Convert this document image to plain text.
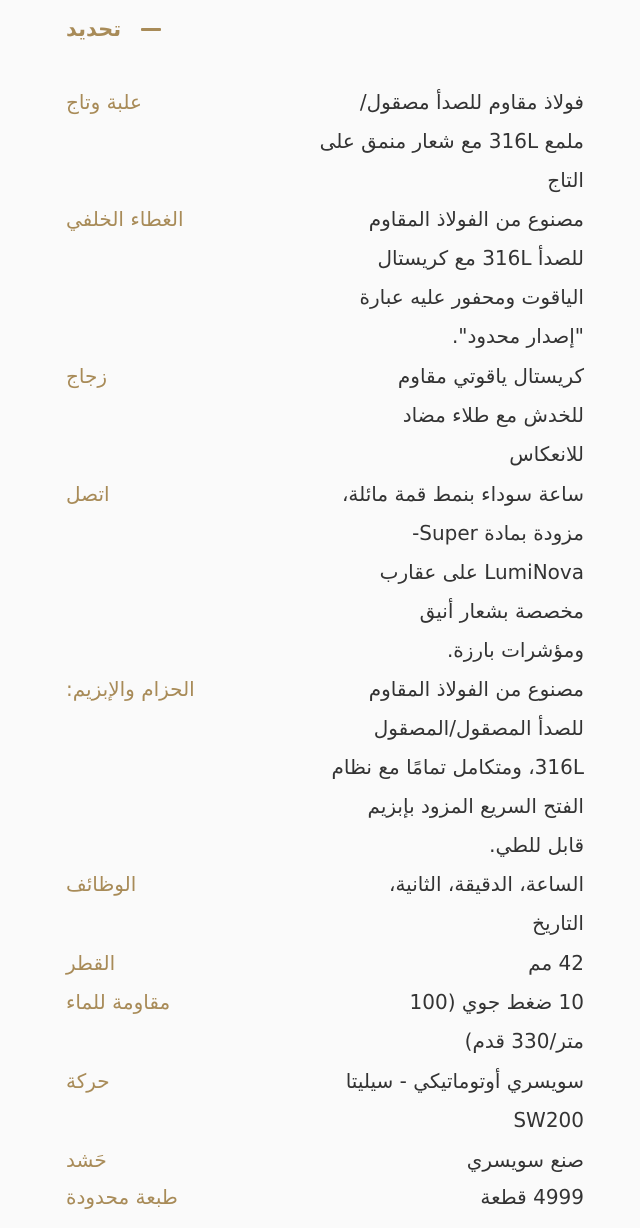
تحديد
علبة وتاج	فولاذ مقاوم للصدأ مصقول/
ملمع 316L مع شعار منمق على
التاج
الغطاء الخلفي	مصنوع من الفولاذ المقاوم
للصدأ 316L مع كريستال
الياقوت ومحفور عليه عبارة
"إصدار محدود".
زجاج	كريستال ياقوتي مقاوم
للخدش مع طلاء مضاد
للانعكاس
اتصل	ساعة سوداء بنمط قمة مائلة،
مزودة بمادة Super-
LumiNova على عقارب
مخصصة بشعار أنيق
ومؤشرات بارزة.
الحزام والإبزيم:	مصنوع من الفولاذ المقاوم
للصدأ المصقول/المصقول
316L، ومتكامل تمامًا مع نظام
الفتح السريع المزود بإبزيم
قابل للطي.
الوظائف	الساعة، الدقيقة، الثانية،
التاريخ
القطر	42 مم
مقاومة للماء	10 ضغط جوي (100
متر/330 قدم)
حركة	سويسري أوتوماتيكي - سيليتا
SW200
حَشد	صنع سويسري
طبعة محدودة	4999 قطعة
